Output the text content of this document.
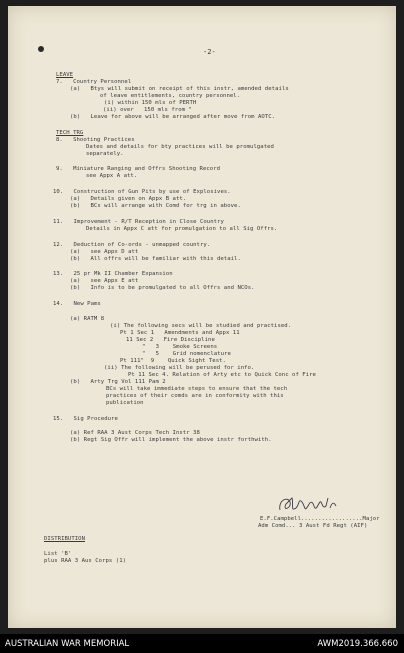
-2-
LEAVE
7.   Country Personnel
(a)   Btys will submit on receipt of this instr, amended details
of leave entitlements, country personnel.
(i) within 150 mls of PERTH
(ii) over   150 mls from "
(b)   Leave for above will be arranged after move from AOTC.
TECH TRG
8.   Shooting Practices
Dates and details for bty practices will be promulgated
separately.
9.   Miniature Ranging and Offrs Shooting Record
see Appx A att.
10.   Construction of Gun Pits by use of Explosives.
(a)   Details given on Appx B att.
(b)   BCs will arrange with Comd for trg in above.
11.   Improvement - R/T Reception in Close Country
Details in Appx C att for promulgation to all Sig Offrs.
12.   Deduction of Co-ords - unmapped country.
(a)   see Appx D att
(b)   All offrs will be familiar with this detail.
13.   25 pr Mk II Chamber Expansion
(a)   see Appx E att
(b)   Info is to be promulgated to all Offrs and NCOs.
14.   New Pams
(a) RATM 8
(i) The following secs will be studied and practised.
Pt 1 Sec 1   Amendments and Appx 11
11 Sec 2   Fire Discipline
"   3    Smoke Screens
"   5    Grid nomenclature
Pt 111"  9    Quick Sight Test.
(ii) The following will be perused for info.
Pt 11 Sec 4. Relation of Arty etc to Quick Conc of Fire
(b)   Arty Trg Vol 111 Pam 2
BCs will take immediate steps to ensure that the tech
practices of their comds are in conformity with this
publication
15.   Sig Procedure
(a) Ref RAA 3 Aust Corps Tech Instr 38
(b) Regt Sig Offr will implement the above instr forthwith.
E.F.Campbell..................Major
Adm Comd... 3 Aust Fd Regt (AIF)
DISTRIBUTION
List 'B'
plus RAA 3 Aus Corps (1)
AUSTRALIAN WAR MEMORIAL	AWM2019.366.660
